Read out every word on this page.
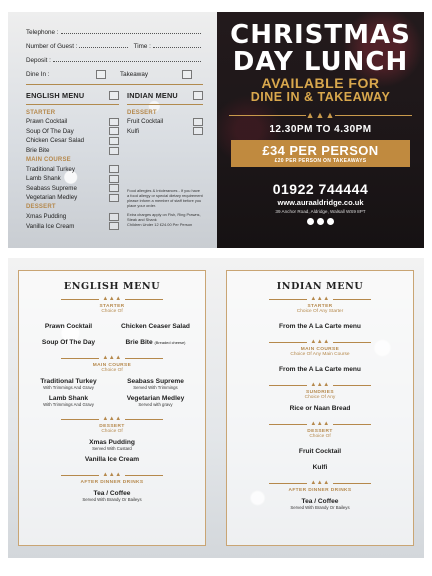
Telephone :
Number of Guest :	Time :
Deposit :
Dine In :	Takeaway
ENGLISH MENU
STARTER
Prawn Cocktail
Soup Of The Day
Chicken Cesar Salad
Brie Bite
MAIN COURSE
Traditional Turkey
Lamb Shank
Seabass Supreme
Vegetarian Medley
DESSERT
Xmas Pudding
Vanilla Ice Cream
INDIAN MENU
DESSERT
Fruit Cocktail
Kulfi

Food allergies & Intolerances - If you have a food allergy or special dietary requirement please inform a member of staff before you place your order.

Extra charges apply on Fish, Ring Prawns, Steak and Shank

Children Under 12 £24.00 Per Person

CHRISTMAS
DAY LUNCH
AVAILABLE FOR
DINE IN & TAKEAWAY
▲▲▲
12.30PM TO 4.30PM
£34 PER PERSON
£20 PER PERSON ON TAKEAWAYS
01922 744444
www.auraaldridge.co.uk
39 Anchor Road, Aldridge, Walsall WS9 8PT
ENGLISH MENU
▲▲▲
STARTER
Choice Of
Prawn Cocktail	Chicken Ceaser Salad
Soup Of The Day	Brie Bite (Breaded cheese)
▲▲▲
MAIN COURSE
Choice Of
Traditional Turkey
With Trimmings And Gravy
Seabass Supreme
Served With Trimmings
Lamb Shank
With Trimmings And Gravy
Vegetarian Medley
Served with gravy
▲▲▲
DESSERT
Choice Of
Xmas Pudding
Served With Custard
Vanilla Ice Cream
▲▲▲
AFTER DINNER DRINKS
Tea / Coffee
Served With Brandy Or Baileys
INDIAN MENU
▲▲▲
STARTER
Choice Of Any Starter
From the A La Carte menu
▲▲▲
MAIN COURSE
Choice Of Any Main Course
From the A La Carte menu
▲▲▲
SUNDRIES
Choice Of Any
Rice or Naan Bread
▲▲▲
DESSERT
Choice Of
Fruit Cocktail
Kulfi
▲▲▲
AFTER DINNER DRINKS
Tea / Coffee
Served With Brandy Or Baileys
